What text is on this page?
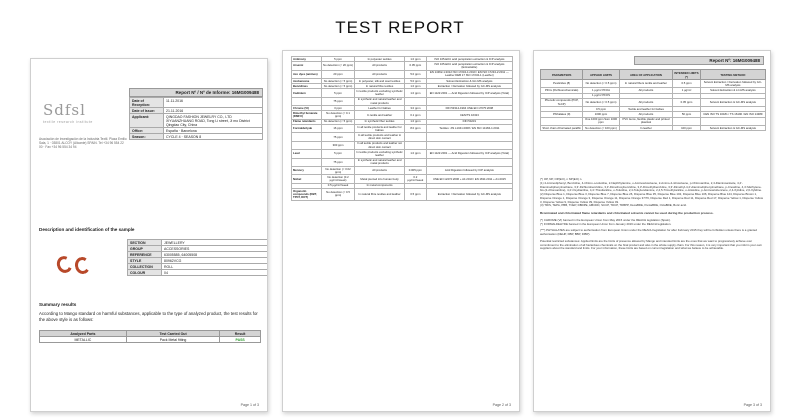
TEST REPORT
Report Nº / Nº de Informe: 16MG009488
Date of Reception:	11.11.2016
Date of Issue:	21.11.2016
Applicant:	QINGDAO FASHION JEWELRY CO., LTD XIYUANZHUANG ROAD, Tong Li street, Ji mo District Qingdao City, China
Office:	España · Barcelona
Season:	CYCLE 4 · SEASON 8
Sdfsl
textile research institute
Asociación de Investigación de la Industria Textil. Plaza Emilio Sala, 1 · 03801 ALCOY (Alicante) SPAIN. Tel +34 96 554 22 00 · Fax +34 96 554 34 94
Description and identification of the sample
SECTION	JEWELLERY
GROUP	ACCESSORIES
REFERENCE	63005585, 64005508
STYLE	80962VCG
COLLECTION	ROLL
COLOUR	04
Summary results
According to Mango standard on harmful substances, applicable to the type of analyzed product, the test results for the above style is as follows:
Analyzed Parts	Test Carried Out	Result
METALLIC	Pack Metal fitting	PASS
Page 1 of 3
Antimony	5 ppm	In polyester textiles	1.0 ppm	ISO 105-E04: acid perspiration extraction & ICP analysis
Arsenic	No detection (< 20 ppm)	All products	0.05 ppm	ISO 105-E04: acid perspiration extraction & ICP analysis (Extractable)
Azo dyes (amines)	20 ppm	All products	5.0 ppm	EN 14362-1:2012 ISO 17234-1:2010 / EN ISO 17234-2:2011 — Leather DEB 17 ISO 17234-1 (Leather)
Azobenzene	No detection (< 5 ppm)	In polyester, silk and wool textiles	5.0 ppm	Solvent Extraction & GC-MS analysis
Benzidines	No detection (< 5 ppm)	In natural fibre textiles	1.0 ppm	Extraction / Derivation followed by GC-MS analysis
Cadmium	5 ppm	In textile products excluding synthetic leather	1.0 ppm	EN 1122:2001 — Acid Digestion followed by ICP analysis (Total)
	75 ppm	In synthetic and natural leather and metal products		
Chrome (VI)	3 ppm	Leather for babies	3.0 ppm	DIN 53314-1994 UNE EN 17075:2008
Dimethyl fumarate (DMFU)	No detection (< 0.1 ppm)	In textile and leather	0.1 ppm	CEN/TS 16323
Flame retardants	No detection (< 5 ppm)	In synthetic fiber textiles	1.0 ppm	DIN 54231
Formaldehyde	16 ppm	In all textile products and leather for babies	8.0 ppm	Textiles: JIS L1041:2008 / EN ISO 14184-1:2011
	75 ppm	In all textile products and leather in direct skin contact		
	300 ppm	In all textile products and leather not direct skin contact		
Lead	5 ppm	In textile products excluding synthetic leather	1.0 ppm	EN 1122:2001 — Acid Digestion followed by ICP analysis (Total)
	75 ppm	In synthetic and natural leather and metal products		
Mercury	No detection (< 0.02 ppm)	All products	0.005 ppm	Acid Digestion followed by ICP analysis
Nickel	No detection (0.2 µg/cm²/week)	Metal pierced into human body	0.2 µg/cm²/week	UNE EN 12472:2006 + A1:2010 / EN 1811:2011 + A1:2015
	0.5 µg/cm²/week	In metal components		
Organotin compounds (DBT, TPhT, DOT)	No detection (< 0.5 ppm)	In natural fibre textiles and leather	0.5 ppm	Extraction / Derivation followed by GC-MS analysis
Page 2 of 3
Report Nº: 16MG009488
PARAMETERS	APPLIED LIMITS	AREA OF APPLICATION	INTENDED LIMITS (*)	TESTING METHOD
Pesticides (8)	No detection (< 0.5 ppm)	In natural fibers textile and leather	0.5 ppm	Solvent Extraction / Derivation followed by GC-MS analysis
PFCs (Perfluorochemicals)	1 µg/m² PFOA	All products	1 µg/m²	Solvent Extraction & LC-MS analysis
	1 µg/m² PFOS			
Phenolic compounds (PCP, TeCP)	No detection (< 0.5 ppm)	All products	0.05 ppm	Solvent Extraction & GC-MS analysis
	0.5 ppm	Textile and leather for babies		
Phthalates (9)	1000 ppm	All products	50 ppm	CEN ISO TS 16181 / TS 16190 / EN ISO 14389
	One 1000 ppm Sum 1000 ppm	PVC items, flexible plastic and printed plastisol		
Short chain chlorinated paraffin	No detection (< 100 ppm)	In leather	100 ppm	Solvent Extraction & GC-MS analysis

(*) OP, NP, OP(EO), n NP(EO) n.

(1) 4-Aminodiphenyl, Benzidine, 4-Chloro-o-toluidine, 2-Naphthylamine, o-Aminoazotoluene, 2-Amino-4-nitrotoluene, p-Chloroaniline, 2,4-Diaminoanisole, 4,4'-Diaminodiphenylmethane, 3,3'-Dichlorobenzidine, 3,3'-Dimethoxybenzidine, 3,3'-Dimethylbenzidine, 3,3'-Dimethyl-4,4'-diaminodiphenylmethane, p-Cresidine, 4,4'-Methylene-bis-(2-chloroaniline), 4,4'-Oxydianiline, 4,4'-Thiodianiline, o-Toluidine, 2,4-Toluylendiamine, 2,4,5-Trimethylaniline, o-Anisidine, p-Aminoazobenzene, 2,4-Xylidine, 2,6-Xylidine.

(2) Disperse Blue 1, Disperse Blue 3, Disperse Blue 7, Disperse Blue 26, Disperse Blue 35, Disperse Blue 102, Disperse Blue 106, Disperse Blue 124, Disperse Brown 1, Disperse Orange 1, Disperse Orange 3, Disperse Orange 11, Disperse Orange 37/76, Disperse Red 1, Disperse Red 11, Disperse Red 17, Disperse Yellow 1, Disperse Yellow 3, Disperse Yellow 9, Disperse Yellow 39, Disperse Yellow 49.

(3) TRIS, TEPA, PBB, TCEP, DBDPE, HBCDD, SCCP, TDCP, TDBPP, DecaBDE, PentaBDE, OctaBDE, Boric acid.

Brominated and chlorinated flame retardants and chlorinated solvents cannot be used during the production process.

(*) CHROME (VI) banned in the European Union from May 2015 under the REACH legislation (Spain).

(*) FORMALDEHYDE banned in the European Union from January 2016 under the REACH legislation.

(***) PHTHALATES are subject to authorisation from European Union under the REACH legislation for after February 2015 they will be forbidden unless there is a granted authorisation (DEHP, DBP, BBP, DIBP).

Potential restricted substances: Applied limits are the limits of presence allowed by Mango and intended limits are the ones that we want to progressively achieve over commitment to the elimination of all hazardous chemicals on the final product and also in the whole supply chain. For this reason, it is very important that you inform your own suppliers about the standard and limits. For your information, these limits are based on current legislation and what we believe to be achievable.

Page 3 of 3
